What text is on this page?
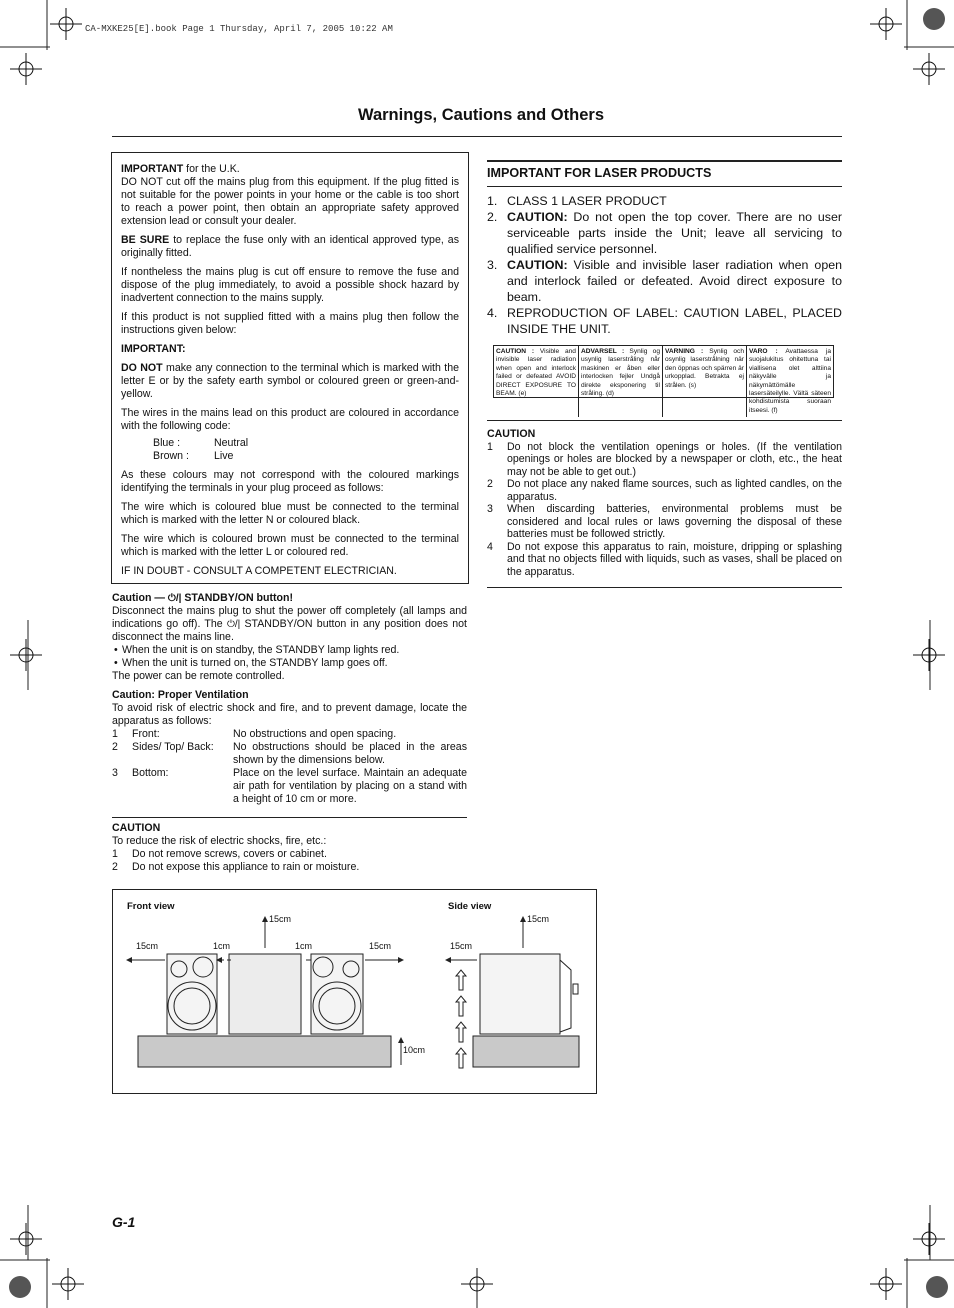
CA-MXKE25[E].book Page 1 Thursday, April 7, 2005 10:22 AM
Warnings, Cautions and Others

IMPORTANT for the U.K.

DO NOT cut off the mains plug from this equipment. If the plug fitted is not suitable for the power points in your home or the cable is too short to reach a power point, then obtain an appropriate safety approved extension lead or consult your dealer.

BE SURE to replace the fuse only with an identical approved type, as originally fitted.

If nontheless the mains plug is cut off ensure to remove the fuse and dispose of the plug immediately, to avoid a possible shock hazard by inadvertent connection to the mains supply.

If this product is not supplied fitted with a mains plug then follow the instructions given below:

IMPORTANT:

DO NOT make any connection to the terminal which is marked with the letter E or by the safety earth symbol or coloured green or green-and-yellow.

The wires in the mains lead on this product are coloured in accordance with the following code:

Blue :	Neutral
Brown :	Live

As these colours may not correspond with the coloured markings identifying the terminals in your plug proceed as follows:

The wire which is coloured blue must be connected to the terminal which is marked with the letter N or coloured black.

The wire which is coloured brown must be connected to the terminal which is marked with the letter L or coloured red.

IF IN DOUBT - CONSULT A COMPETENT ELECTRICIAN.

Caution — ⏻/| STANDBY/ON button!

Disconnect the mains plug to shut the power off completely (all lamps and indications go off). The ⏻/| STANDBY/ON button in any position does not disconnect the mains line.

• When the unit is on standby, the STANDBY lamp lights red.

• When the unit is turned on, the STANDBY lamp goes off.

The power can be remote controlled.

Caution: Proper Ventilation

To avoid risk of electric shock and fire, and to prevent damage, locate the apparatus as follows:

1	Front:	No obstructions and open spacing.
2	Sides/ Top/ Back:	No obstructions should be placed in the areas shown by the dimensions below.
3	Bottom:	Place on the level surface. Maintain an adequate air path for ventilation by placing on a stand with a height of 10 cm or more.

CAUTION

To reduce the risk of electric shocks, fire, etc.:

1	Do not remove screws, covers or cabinet.
2	Do not expose this appliance to rain or moisture.
IMPORTANT FOR LASER PRODUCTS
1. CLASS 1 LASER PRODUCT
2. CAUTION: Do not open the top cover. There are no user serviceable parts inside the Unit; leave all servicing to qualified service personnel.
3. CAUTION: Visible and invisible laser radiation when open and interlock failed or defeated. Avoid direct exposure to beam.
4. REPRODUCTION OF LABEL: CAUTION LABEL, PLACED INSIDE THE UNIT.
CAUTION : Visible and invisible laser radiation when open and interlock failed or defeated AVOID DIRECT EXPOSURE TO BEAM. (e)
ADVARSEL : Synlig og usynlig laserstråling når maskinen er åben eller interlocken fejler Undgå direkte eksponering til stråling. (d)
VARNING : Synlig och osynlig laserstrålning när den öppnas och spärren är urkopplad. Betrakta ej strålen. (s)
VARO : Avattaessa ja suojalukitus ohitettuna tai viallisena olet alttiina näkyvälle ja näkymättömälle lasersäteilylle. Vältä säteen kohdistumista suoraan itseesi. (f)
CAUTION
1	Do not block the ventilation openings or holes. (If the ventilation openings or holes are blocked by a newspaper or cloth, etc., the heat may not be able to get out.)
2	Do not place any naked flame sources, such as lighted candles, on the apparatus.
3	When discarding batteries, environmental problems must be considered and local rules or laws governing the disposal of these batteries must be followed strictly.
4	Do not expose this apparatus to rain, moisture, dripping or splashing and that no objects filled with liquids, such as vases, shall be placed on the apparatus.
Front view	Side view
15cm	1cm
15cm
1cm	15cm
10cm
15cm
15cm
G-1
